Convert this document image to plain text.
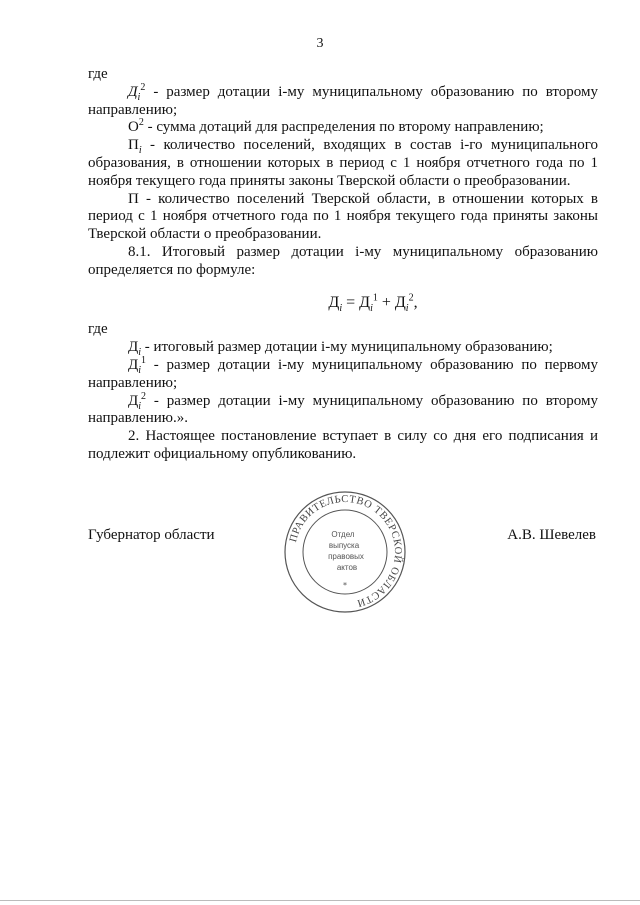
3

где

$Д_i^2$ - размер дотации i-му муниципальному образованию по второму направлению;

$О^2$ - сумма дотаций для распределения по второму направлению;

$П_i$ - количество поселений, входящих в состав i-го муниципального образования, в отношении которых в период с 1 ноября отчетного года по 1 ноября текущего года приняты законы Тверской области о преобразовании.

П - количество поселений Тверской области, в отношении которых в период с 1 ноября отчетного года по 1 ноября текущего года приняты законы Тверской области о преобразовании.

8.1. Итоговый размер дотации i-му муниципальному образованию определяется по формуле:

$Д_i = Д_i^1 + Д_i^2$,

где

$Д_i$ - итоговый размер дотации i-му муниципальному образованию;

$Д_i^1$ - размер дотации i-му муниципальному образованию по первому направлению;

$Д_i^2$ - размер дотации i-му муниципальному образованию по второму направлению.».

2. Настоящее постановление вступает в силу со дня его подписания и подлежит официальному опубликованию.

Губернатор области	А.В. Шевелев
ПРАВИТЕЛЬСТВО ТВЕРСКОЙ ОБЛАСТИ
Отдел
выпуска
правовых
актов
*
